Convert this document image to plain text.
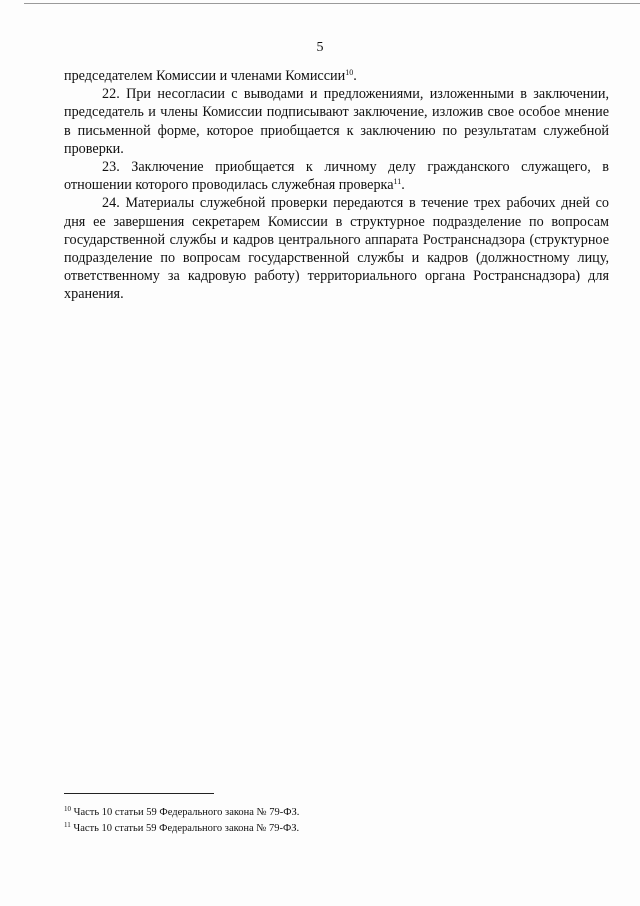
5

председателем Комиссии и членами Комиссии$^{10}$.

22. При несогласии с выводами и предложениями, изложенными в заключении, председатель и члены Комиссии подписывают заключение, изложив свое особое мнение в письменной форме, которое приобщается к заключению по результатам служебной проверки.

23. Заключение приобщается к личному делу гражданского служащего, в отношении которого проводилась служебная проверка$^{11}$.

24. Материалы служебной проверки передаются в течение трех рабочих дней со дня ее завершения секретарем Комиссии в структурное подразделение по вопросам государственной службы и кадров центрального аппарата Ространснадзора (структурное подразделение по вопросам государственной службы и кадров (должностному лицу, ответственному за кадровую работу) территориального органа Ространснадзора) для хранения.

$^{10}$ Часть 10 статьи 59 Федерального закона № 79-ФЗ.
$^{11}$ Часть 10 статьи 59 Федерального закона № 79-ФЗ.
